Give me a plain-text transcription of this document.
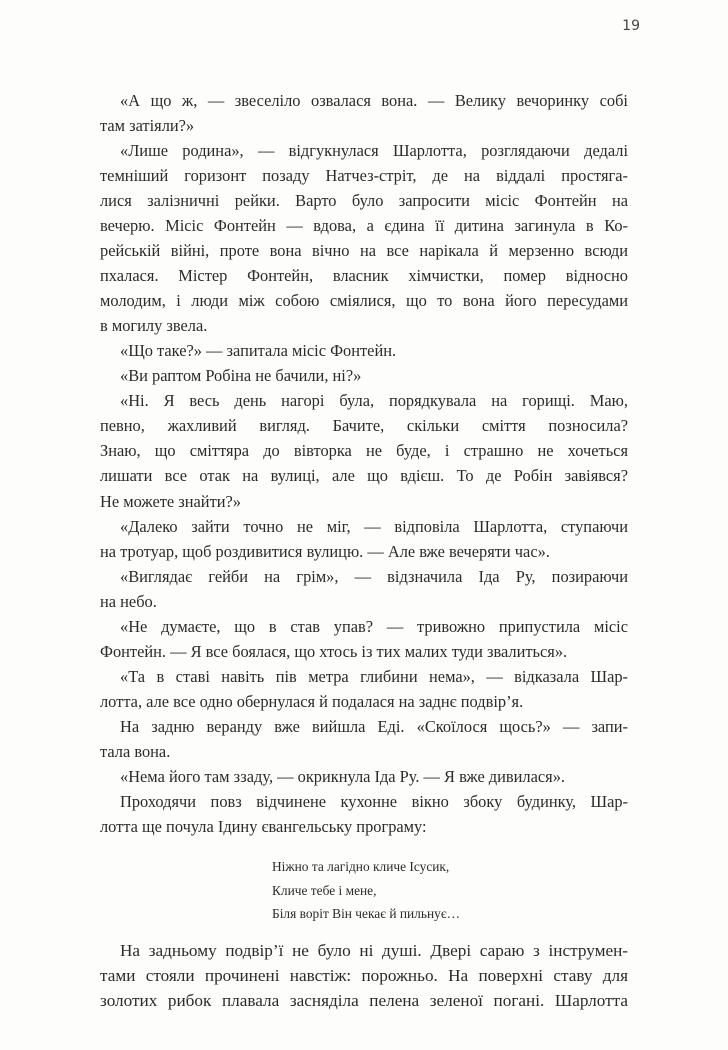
19
«А що ж, — звеселіло озвалася вона. — Велику вечоринку собі
там затіяли?»
«Лише родина», — відгукнулася Шарлотта, розглядаючи дедалі
темніший горизонт позаду Натчез-стріт, де на віддалі простяга-
лися залізничні рейки. Варто було запросити місіс Фонтейн на
вечерю. Місіс Фонтейн — вдова, а єдина її дитина загинула в Ко-
рейській війні, проте вона вічно на все нарікала й мерзенно всюди
пхалася. Містер Фонтейн, власник хімчистки, помер відносно
молодим, і люди між собою сміялися, що то вона його пересудами
в могилу звела.
«Що таке?» — запитала місіс Фонтейн.
«Ви раптом Робіна не бачили, ні?»
«Ні. Я весь день нагорі була, порядкувала на горищі. Маю,
певно, жахливий вигляд. Бачите, скільки сміття позносила?
Знаю, що сміттяра до вівторка не буде, і страшно не хочеться
лишати все отак на вулиці, але що вдієш. То де Робін завіявся?
Не можете знайти?»
«Далеко зайти точно не міг, — відповіла Шарлотта, ступаючи
на тротуар, щоб роздивитися вулицю. — Але вже вечеряти час».
«Виглядає гейби на грім», — відзначила Іда Ру, позираючи
на небо.
«Не думаєте, що в став упав? — тривожно припустила місіс
Фонтейн. — Я все боялася, що хтось із тих малих туди звалиться».
«Та в ставі навіть пів метра глибини нема», — відказала Шар-
лотта, але все одно обернулася й подалася на заднє подвір’я.
На задню веранду вже вийшла Еді. «Скоїлося щось?» — запи-
тала вона.
«Нема його там ззаду, — окрикнула Іда Ру. — Я вже дивилася».
Проходячи повз відчинене кухонне вікно збоку будинку, Шар-
лотта ще почула Ідину євангельську програму:
Ніжно та лагідно кличе Ісусик,
Кличе тебе і мене,
Біля воріт Він чекає й пильнує…
На задньому подвір’ї не було ні душі. Двері сараю з інструмен-
тами стояли прочинені навстіж: порожньо. На поверхні ставу для
золотих рибок плавала засняділа пелена зеленої погані. Шарлотта
